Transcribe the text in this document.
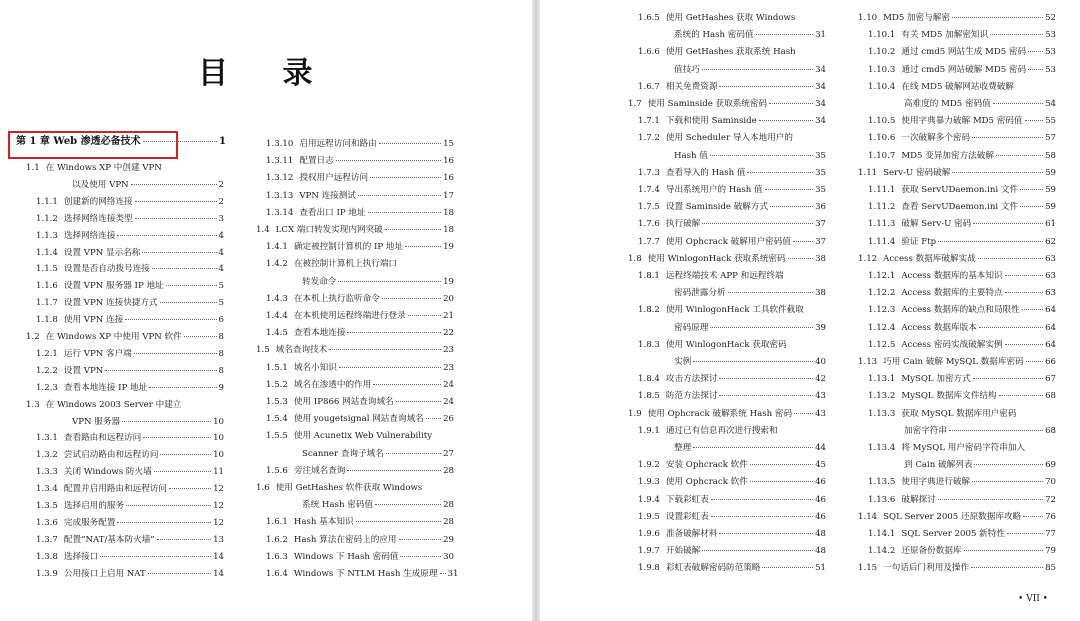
目 录
第 1 章 Web 渗透必备技术	1
1.1 在 Windows XP 中创建 VPN
以及使用 VPN	2
1.1.1 创建新的网络连接	2
1.1.2 选择网络连接类型	3
1.1.3 选择网络连接	4
1.1.4 设置 VPN 显示名称	4
1.1.5 设置是否自动拨号连接	4
1.1.6 设置 VPN 服务器 IP 地址	5
1.1.7 设置 VPN 连接快捷方式	5
1.1.8 使用 VPN 连接	6
1.2 在 Windows XP 中使用 VPN 软件	8
1.2.1 运行 VPN 客户端	8
1.2.2 设置 VPN	8
1.2.3 查看本地连接 IP 地址	9
1.3 在 Windows 2003 Server 中建立
VPN 服务器	10
1.3.1 查看路由和远程访问	10
1.3.2 尝试启动路由和远程访问	10
1.3.3 关闭 Windows 防火墙	11
1.3.4 配置并启用路由和远程访问	12
1.3.5 选择启用的服务	12
1.3.6 完成服务配置	12
1.3.7 配置“NAT/基本防火墙”	13
1.3.8 选择接口	14
1.3.9 公用接口上启用 NAT	14
1.3.10 启用远程访问和路由	15
1.3.11 配置日志	16
1.3.12 授权用户远程访问	16
1.3.13 VPN 连接测试	17
1.3.14 查看出口 IP 地址	18
1.4 LCX 端口转发实现内网突破	18
1.4.1 确定被控制计算机的 IP 地址	19
1.4.2 在被控制计算机上执行端口
转发命令	19
1.4.3 在本机上执行监听命令	20
1.4.4 在本机使用远程终端进行登录	21
1.4.5 查看本地连接	22
1.5 域名查询技术	23
1.5.1 域名小知识	23
1.5.2 域名在渗透中的作用	24
1.5.3 使用 IP866 网站查询域名	24
1.5.4 使用 yougetsignal 网站查询域名 26
1.5.5 使用 Acunetix Web Vulnerability
Scanner 查询子域名	27
1.5.6 旁注域名查询	28
1.6 使用 GetHashes 软件获取 Windows
系统 Hash 密码值	28
1.6.1 Hash 基本知识	28
1.6.2 Hash 算法在密码上的应用	29
1.6.3 Windows 下 Hash 密码值	30
1.6.4 Windows 下 NTLM Hash 生成原理 31
1.6.5 使用 GetHashes 获取 Windows
系统的 Hash 密码值	31
1.6.6 使用 GetHashes 获取系统 Hash
值技巧	34
1.6.7 相关免费资源	34
1.7 使用 Saminside 获取系统密码	34
1.7.1 下载和使用 Saminside	34
1.7.2 使用 Scheduler 导入本地用户的
Hash 值	35
1.7.3 查看导入的 Hash 值	35
1.7.4 导出系统用户的 Hash 值	35
1.7.5 设置 Saminside 破解方式	36
1.7.6 执行破解	37
1.7.7 使用 Ophcrack 破解用户密码值	37
1.8 使用 WinlogonHack 获取系统密码	38
1.8.1 远程终端技术 APP 和远程终端
密码泄露分析	38
1.8.2 使用 WinlogonHack 工具软件截取
密码原理	39
1.8.3 使用 WinlogonHack 获取密码
实例	40
1.8.4 攻击方法探讨	42
1.8.5 防范方法探讨	43
1.9 使用 Ophcrack 破解系统 Hash 密码	43
1.9.1 通过已有信息再次进行搜索和
整理	44
1.9.2 安装 Ophcrack 软件	45
1.9.3 使用 Ophcrack 软件	46
1.9.4 下载彩虹表	46
1.9.5 设置彩虹表	46
1.9.6 准备破解材料	48
1.9.7 开始破解	48
1.9.8 彩虹表破解密码防范策略	51
1.10 MD5 加密与解密	52
1.10.1 有关 MD5 加解密知识	53
1.10.2 通过 cmd5 网站生成 MD5 密码 53
1.10.3 通过 cmd5 网站破解 MD5 密码 53
1.10.4 在线 MD5 破解网站收费破解
高难度的 MD5 密码值	54
1.10.5 使用字典暴力破解 MD5 密码值	55
1.10.6 一次破解多个密码	57
1.10.7 MD5 变异加密方法破解	58
1.11 Serv-U 密码破解	59
1.11.1 获取 ServUDaemon.ini 文件	59
1.11.2 查看 ServUDaemon.ini 文件	59
1.11.3 破解 Serv-U 密码	61
1.11.4 验证 Ftp	62
1.12 Access 数据库破解实战	63
1.12.1 Access 数据库的基本知识	63
1.12.2 Access 数据库的主要特点	63
1.12.3 Access 数据库的缺点和局限性	64
1.12.4 Access 数据库版本	64
1.12.5 Access 密码实战破解实例	64
1.13 巧用 Cain 破解 MySQL 数据库密码 66
1.13.1 MySQL 加密方式	67
1.13.2 MySQL 数据库文件结构	68
1.13.3 获取 MySQL 数据库用户密码
加密字符串	68
1.13.4 将 MySQL 用户密码字符串加入
到 Cain 破解列表	69
1.13.5 使用字典进行破解	70
1.13.6 破解探讨	72
1.14 SQL Server 2005 还原数据库攻略	76
1.14.1 SQL Server 2005 新特性	77
1.14.2 还原备份数据库	79
1.15 一句话后门利用及操作	85
• VII •
